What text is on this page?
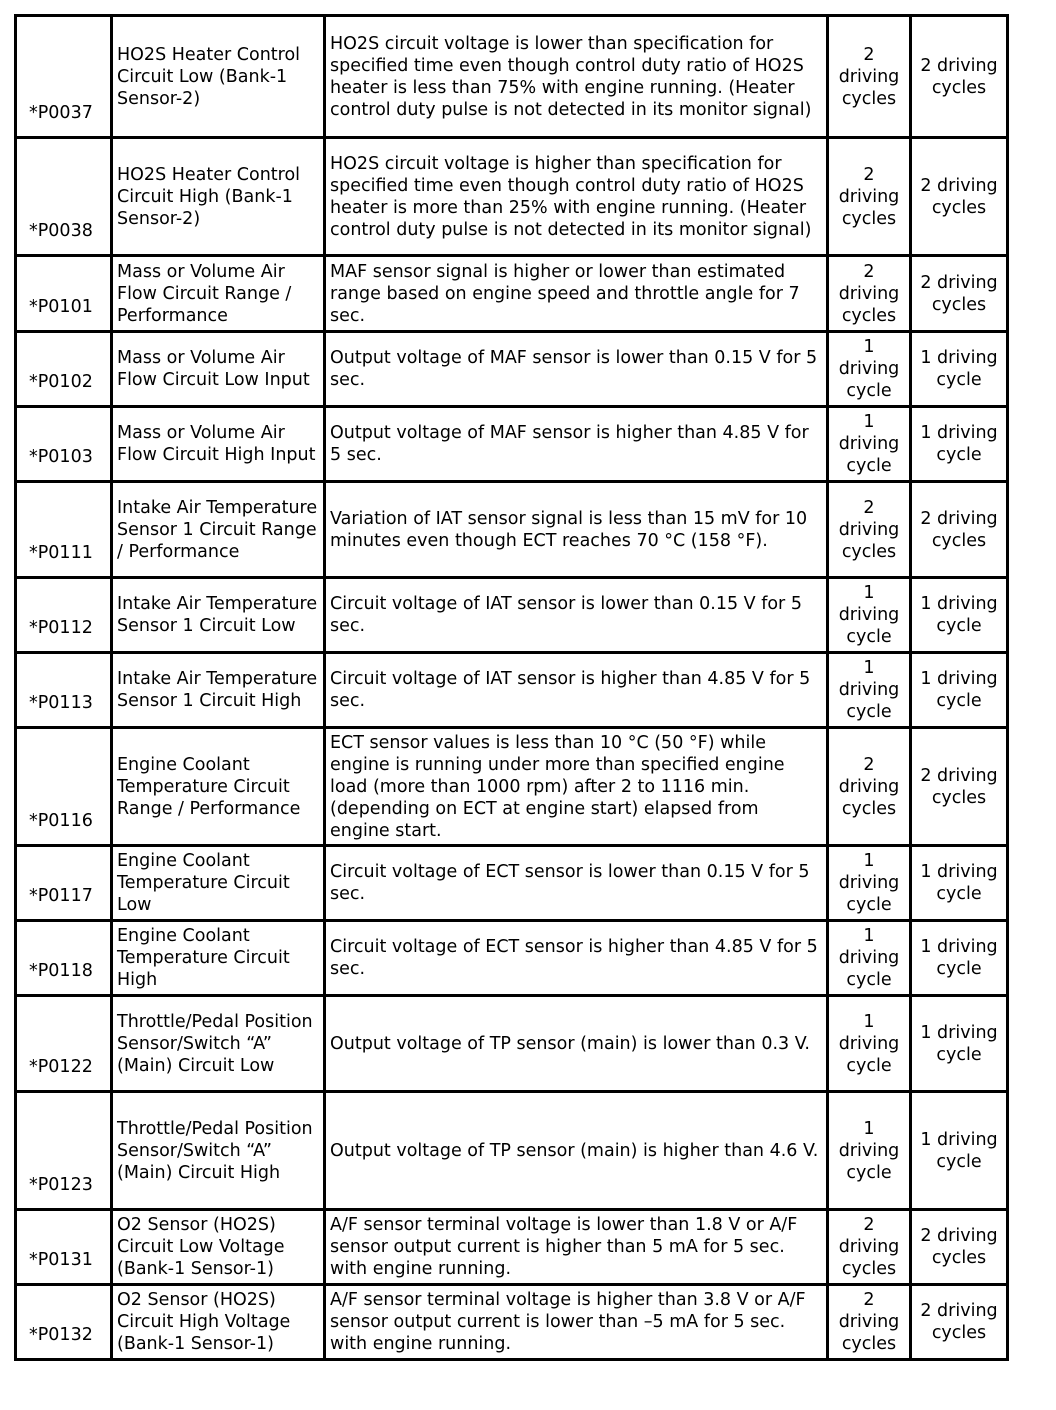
*P0037	HO2S Heater Control Circuit Low (Bank-1 Sensor-2)	HO2S circuit voltage is lower than specification for specified time even though control duty ratio of HO2S heater is less than 75% with engine running. (Heater control duty pulse is not detected in its monitor signal)	2 driving cycles	2 driving cycles
*P0038	HO2S Heater Control Circuit High (Bank-1 Sensor-2)	HO2S circuit voltage is higher than specification for specified time even though control duty ratio of HO2S heater is more than 25% with engine running. (Heater control duty pulse is not detected in its monitor signal)	2 driving cycles	2 driving cycles
*P0101	Mass or Volume Air Flow Circuit Range / Performance	MAF sensor signal is higher or lower than estimated range based on engine speed and throttle angle for 7 sec.	2 driving cycles	2 driving cycles
*P0102	Mass or Volume Air Flow Circuit Low Input	Output voltage of MAF sensor is lower than 0.15 V for 5 sec.	1 driving cycle	1 driving cycle
*P0103	Mass or Volume Air Flow Circuit High Input	Output voltage of MAF sensor is higher than 4.85 V for 5 sec.	1 driving cycle	1 driving cycle
*P0111	Intake Air Temperature Sensor 1 Circuit Range / Performance	Variation of IAT sensor signal is less than 15 mV for 10 minutes even though ECT reaches 70 °C (158 °F).	2 driving cycles	2 driving cycles
*P0112	Intake Air Temperature Sensor 1 Circuit Low	Circuit voltage of IAT sensor is lower than 0.15 V for 5 sec.	1 driving cycle	1 driving cycle
*P0113	Intake Air Temperature Sensor 1 Circuit High	Circuit voltage of IAT sensor is higher than 4.85 V for 5 sec.	1 driving cycle	1 driving cycle
*P0116	Engine Coolant Temperature Circuit Range / Performance	ECT sensor values is less than 10 °C (50 °F) while engine is running under more than specified engine load (more than 1000 rpm) after 2 to 1116 min. (depending on ECT at engine start) elapsed from engine start.	2 driving cycles	2 driving cycles
*P0117	Engine Coolant Temperature Circuit Low	Circuit voltage of ECT sensor is lower than 0.15 V for 5 sec.	1 driving cycle	1 driving cycle
*P0118	Engine Coolant Temperature Circuit High	Circuit voltage of ECT sensor is higher than 4.85 V for 5 sec.	1 driving cycle	1 driving cycle
*P0122	Throttle/Pedal Position Sensor/Switch “A” (Main) Circuit Low	Output voltage of TP sensor (main) is lower than 0.3 V.	1 driving cycle	1 driving cycle
*P0123	Throttle/Pedal Position Sensor/Switch “A” (Main) Circuit High	Output voltage of TP sensor (main) is higher than 4.6 V.	1 driving cycle	1 driving cycle
*P0131	O2 Sensor (HO2S) Circuit Low Voltage (Bank-1 Sensor-1)	A/F sensor terminal voltage is lower than 1.8 V or A/F sensor output current is higher than 5 mA for 5 sec. with engine running.	2 driving cycles	2 driving cycles
*P0132	O2 Sensor (HO2S) Circuit High Voltage (Bank-1 Sensor-1)	A/F sensor terminal voltage is higher than 3.8 V or A/F sensor output current is lower than –5 mA for 5 sec. with engine running.	2 driving cycles	2 driving cycles
